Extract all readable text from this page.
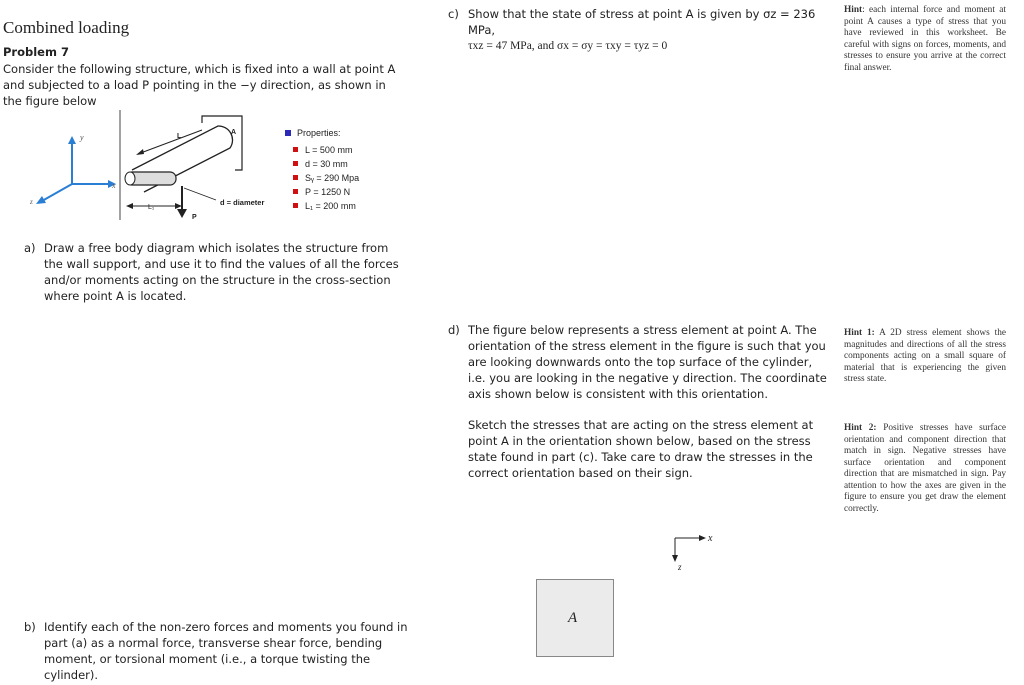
Combined loading
Problem 7
Consider the following structure, which is fixed into a wall at point A and subjected to a load P pointing in the −y direction, as shown in the figure below
y
x
z
L
A
L₁
P
d = diameter
Properties:
L = 500 mm
d = 30 mm
Sᵧ = 290 Mpa
P = 1250 N
L₁ = 200 mm
a) Draw a free body diagram which isolates the structure from the wall support, and use it to find the values of all the forces and/or moments acting on the structure in the cross-section where point A is located.
b) Identify each of the non-zero forces and moments you found in part (a) as a normal force, transverse shear force, bending moment, or torsional moment (i.e., a torque twisting the cylinder).
c) Show that the state of stress at point A is given by σz = 236 MPa,
τxz = 47 MPa, and σx = σy = τxy = τyz = 0
Hint: each internal force and moment at point A causes a type of stress that you have reviewed in this worksheet. Be careful with signs on forces, moments, and stresses to ensure you arrive at the correct final answer.
d) The figure below represents a stress element at point A. The orientation of the stress element in the figure is such that you are looking downwards onto the top surface of the cylinder, i.e. you are looking in the negative y direction. The coordinate axis shown below is consistent with this orientation.
Sketch the stresses that are acting on the stress element at point A in the orientation shown below, based on the stress state found in part (c). Take care to draw the stresses in the correct orientation based on their sign.
Hint 1: A 2D stress element shows the magnitudes and directions of all the stress components acting on a small square of material that is experiencing the given stress state.
Hint 2: Positive stresses have surface orientation and component direction that match in sign. Negative stresses have surface orientation and component direction that are mismatched in sign. Pay attention to how the axes are given in the figure to ensure you get draw the element correctly.
x
z
A
